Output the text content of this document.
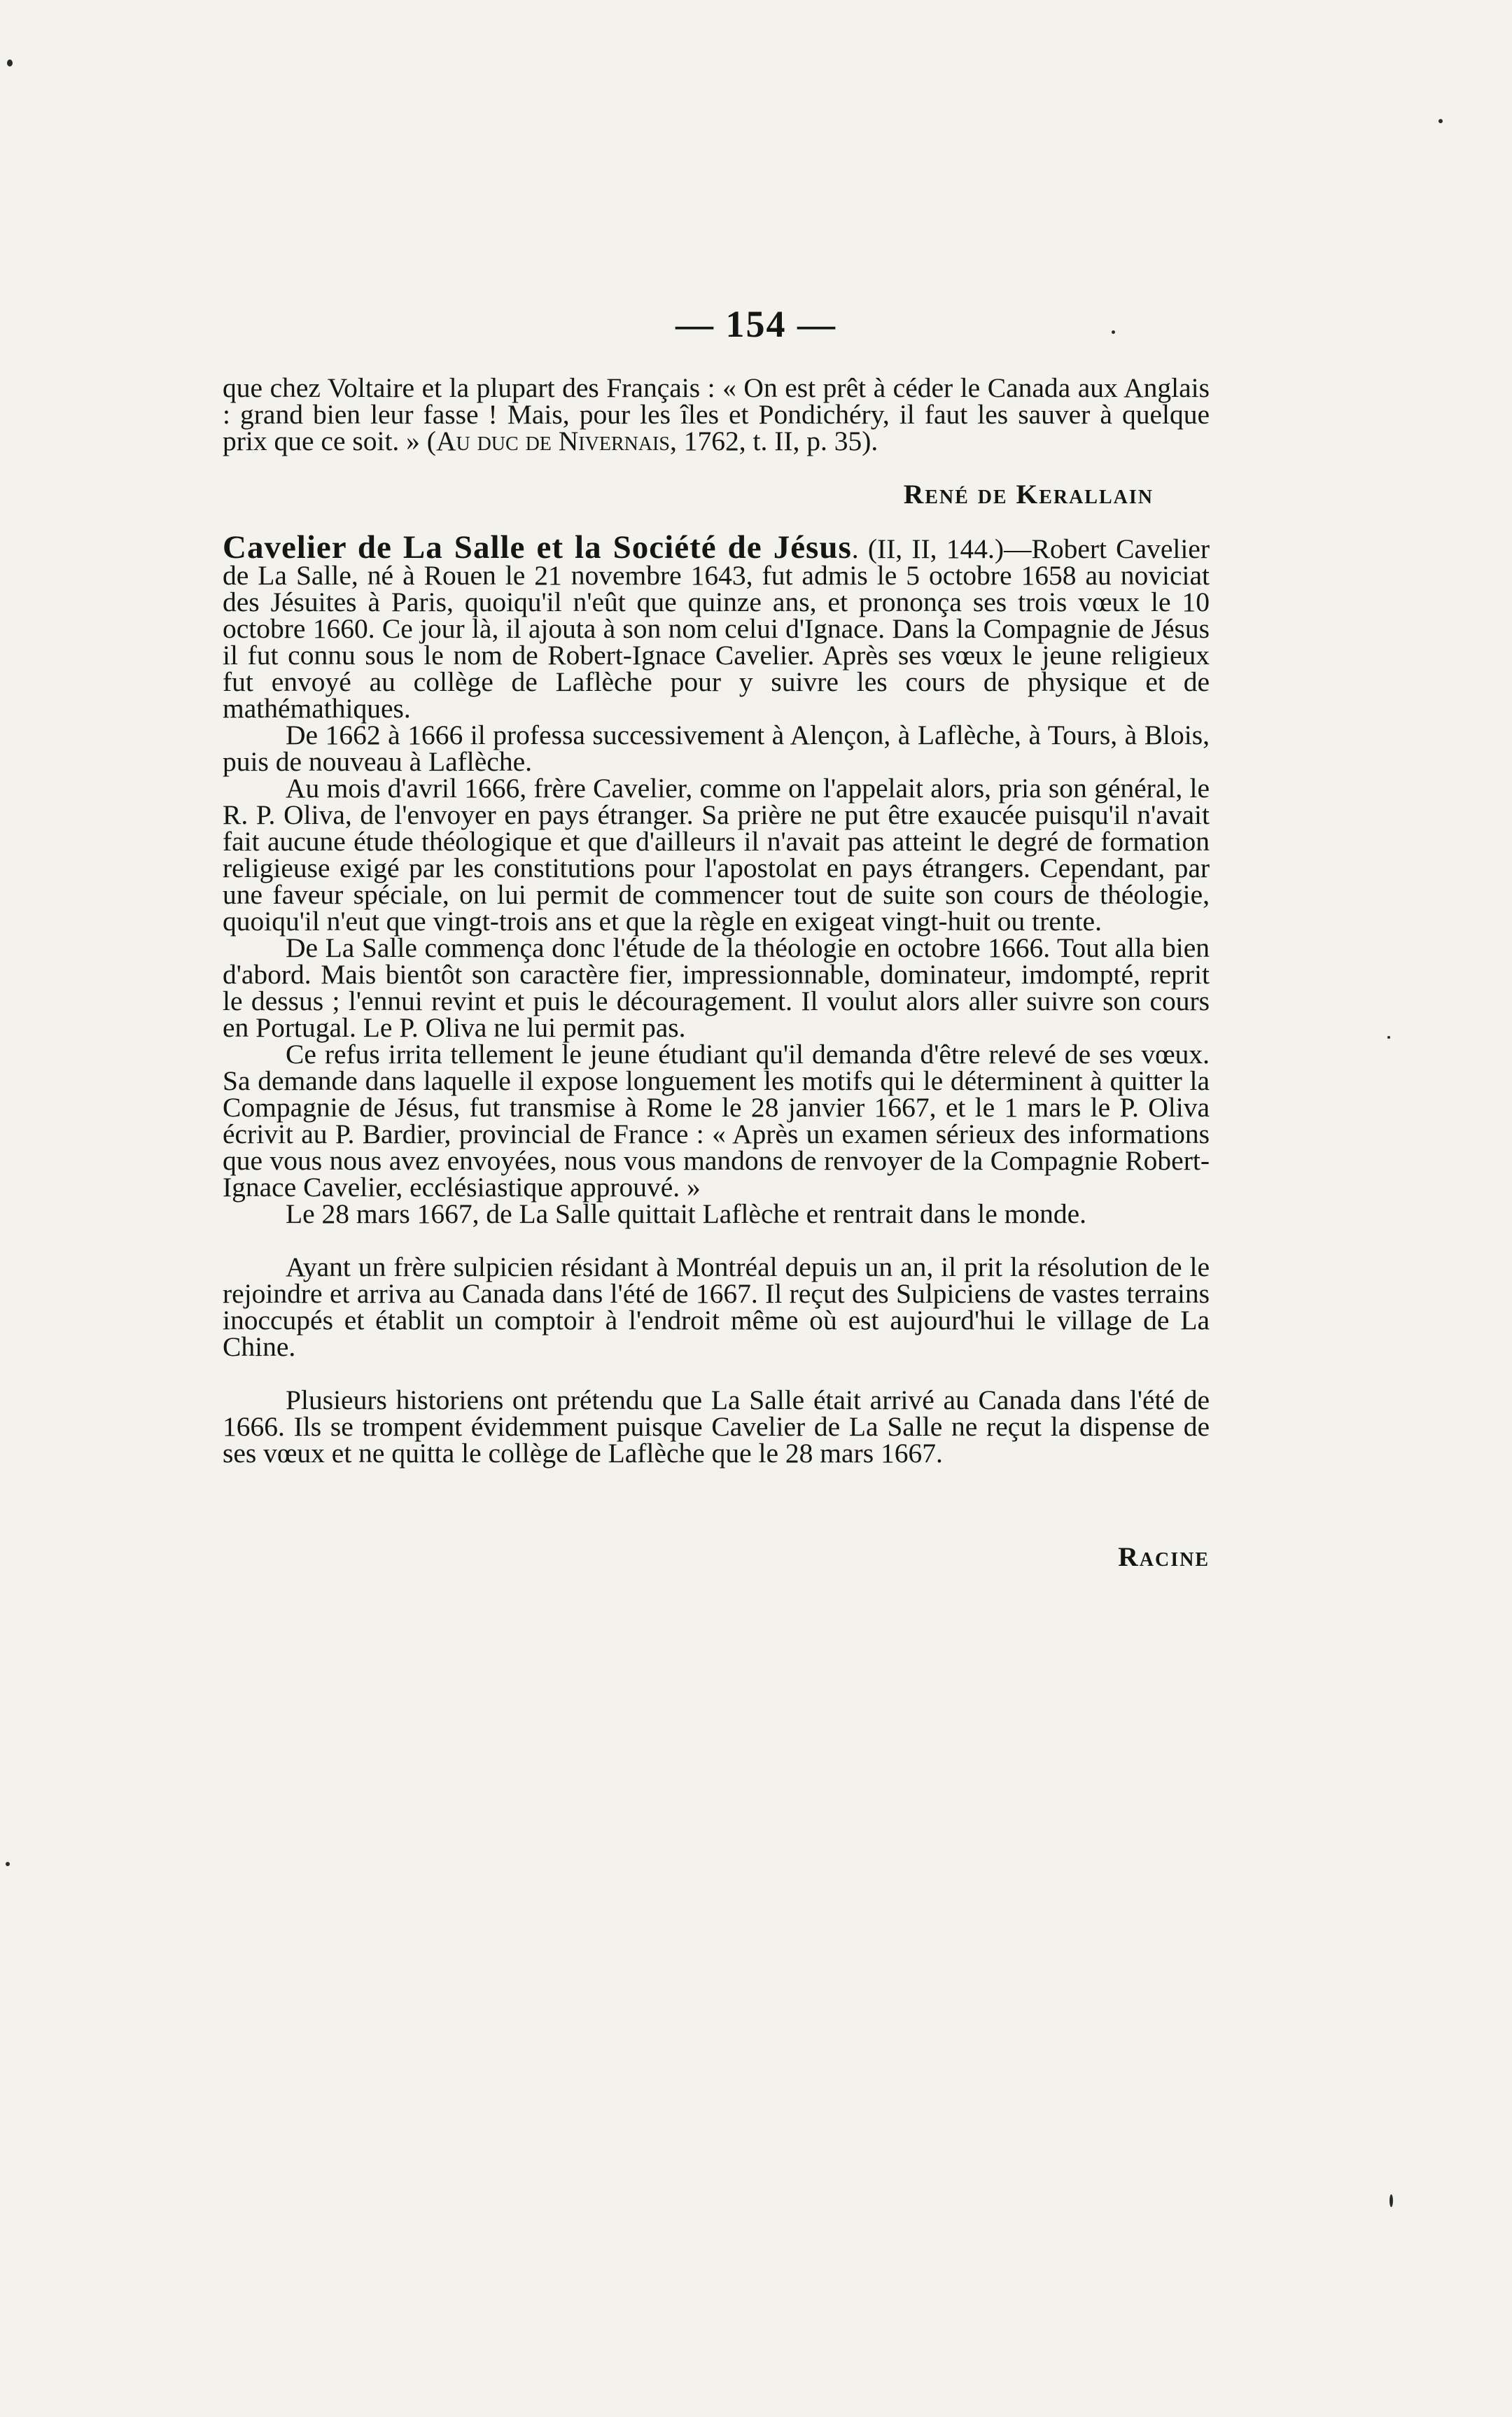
— 154 —

que chez Voltaire et la plupart des Français : « On est prêt à céder le Canada aux Anglais : grand bien leur fasse ! Mais, pour les îles et Pondichéry, il faut les sauver à quelque prix que ce soit. » (Au duc de Nivernais, 1762, t. II, p. 35).

René de Kerallain

Cavelier de La Salle et la Société de Jésus. (II, II, 144.)—Robert Cavelier de La Salle, né à Rouen le 21 novembre 1643, fut admis le 5 octobre 1658 au noviciat des Jésuites à Paris, quoiqu'il n'eût que quinze ans, et prononça ses trois vœux le 10 octobre 1660. Ce jour là, il ajouta à son nom celui d'Ignace. Dans la Compagnie de Jésus il fut connu sous le nom de Robert-Ignace Cavelier. Après ses vœux le jeune religieux fut envoyé au collège de Laflèche pour y suivre les cours de physique et de mathémathiques.

De 1662 à 1666 il professa successivement à Alençon, à Laflèche, à Tours, à Blois, puis de nouveau à Laflèche.

Au mois d'avril 1666, frère Cavelier, comme on l'appelait alors, pria son général, le R. P. Oliva, de l'envoyer en pays étranger. Sa prière ne put être exaucée puisqu'il n'avait fait aucune étude théologique et que d'ailleurs il n'avait pas atteint le degré de formation religieuse exigé par les constitutions pour l'apostolat en pays étrangers. Cependant, par une faveur spéciale, on lui permit de commencer tout de suite son cours de théologie, quoiqu'il n'eut que vingt-trois ans et que la règle en exigeat vingt-huit ou trente.

De La Salle commença donc l'étude de la théologie en octobre 1666. Tout alla bien d'abord. Mais bientôt son caractère fier, impressionnable, dominateur, imdompté, reprit le dessus ; l'ennui revint et puis le découragement. Il voulut alors aller suivre son cours en Portugal. Le P. Oliva ne lui permit pas.

Ce refus irrita tellement le jeune étudiant qu'il demanda d'être relevé de ses vœux. Sa demande dans laquelle il expose longuement les motifs qui le déterminent à quitter la Compagnie de Jésus, fut transmise à Rome le 28 janvier 1667, et le 1 mars le P. Oliva écrivit au P. Bardier, provincial de France : « Après un examen sérieux des informations que vous nous avez envoyées, nous vous mandons de renvoyer de la Compagnie Robert-Ignace Cavelier, ecclésiastique approuvé. »

Le 28 mars 1667, de La Salle quittait Laflèche et rentrait dans le monde.

Ayant un frère sulpicien résidant à Montréal depuis un an, il prit la résolution de le rejoindre et arriva au Canada dans l'été de 1667. Il reçut des Sulpiciens de vastes terrains inoccupés et établit un comptoir à l'endroit même où est aujourd'hui le village de La Chine.

Plusieurs historiens ont prétendu que La Salle était arrivé au Canada dans l'été de 1666. Ils se trompent évidemment puisque Cavelier de La Salle ne reçut la dispense de ses vœux et ne quitta le collège de Laflèche que le 28 mars 1667.

Racine
